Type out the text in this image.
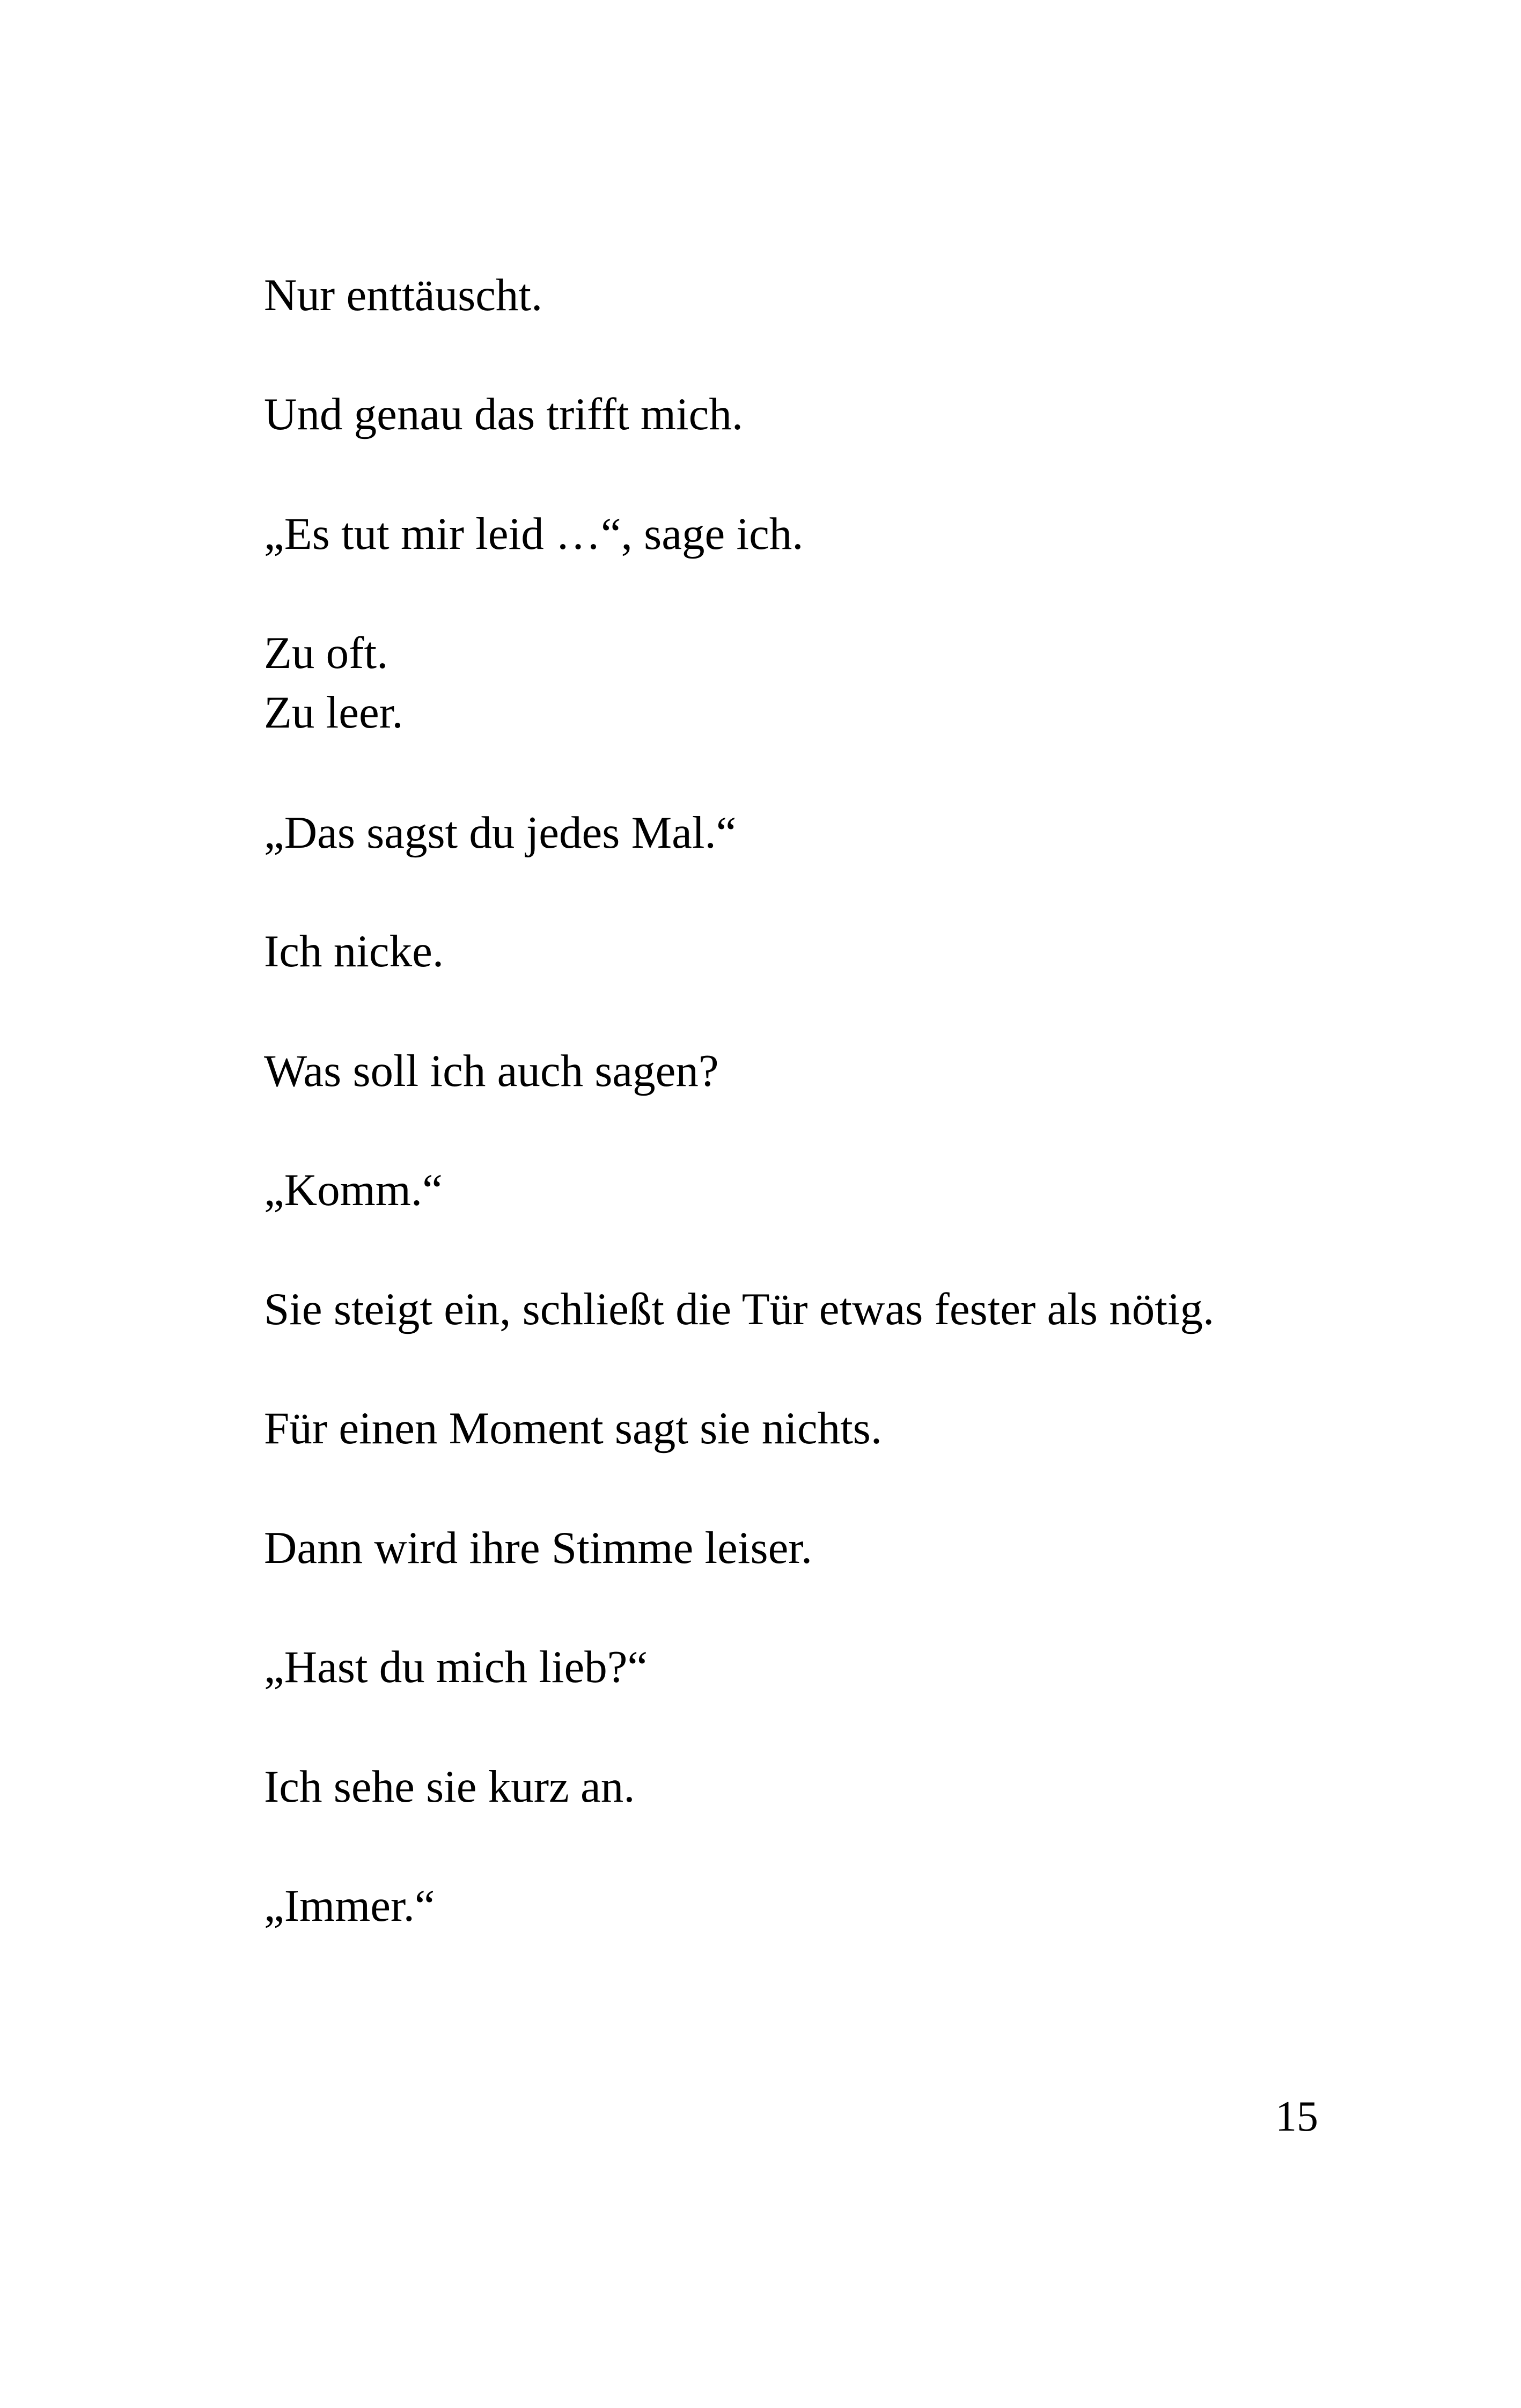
Nur enttäuscht.

Und genau das trifft mich.

„Es tut mir leid …“, sage ich.

Zu oft.

Zu leer.

„Das sagst du jedes Mal.“

Ich nicke.

Was soll ich auch sagen?

„Komm.“

Sie steigt ein, schließt die Tür etwas fester als nötig.

Für einen Moment sagt sie nichts.

Dann wird ihre Stimme leiser.

„Hast du mich lieb?“

Ich sehe sie kurz an.

„Immer.“

15
